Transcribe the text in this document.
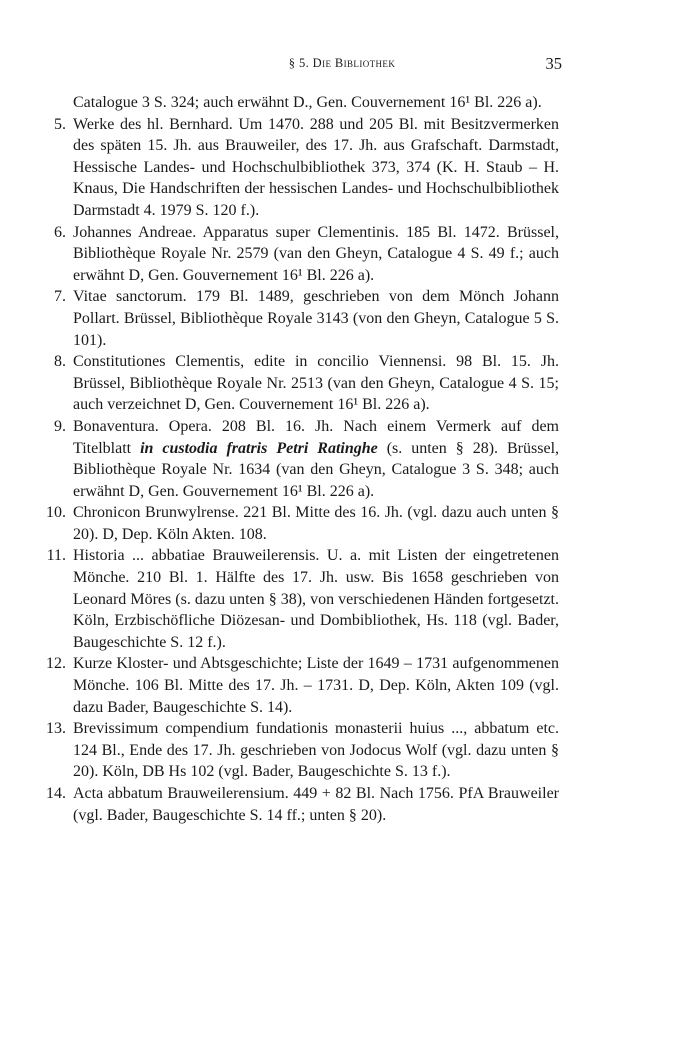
§ 5. Die Bibliothek	35
Catalogue 3 S. 324; auch erwähnt D., Gen. Couvernement 16¹ Bl. 226 a).
5. Werke des hl. Bernhard. Um 1470. 288 und 205 Bl. mit Besitzvermerken des späten 15. Jh. aus Brauweiler, des 17. Jh. aus Grafschaft. Darmstadt, Hessische Landes- und Hochschulbibliothek 373, 374 (K. H. Staub – H. Knaus, Die Handschriften der hessischen Landes- und Hochschulbibliothek Darmstadt 4. 1979 S. 120 f.).
6. Johannes Andreae. Apparatus super Clementinis. 185 Bl. 1472. Brüssel, Bibliothèque Royale Nr. 2579 (van den Gheyn, Catalogue 4 S. 49 f.; auch erwähnt D, Gen. Gouvernement 16¹ Bl. 226 a).
7. Vitae sanctorum. 179 Bl. 1489, geschrieben von dem Mönch Johann Pollart. Brüssel, Bibliothèque Royale 3143 (von den Gheyn, Catalogue 5 S. 101).
8. Constitutiones Clementis, edite in concilio Viennensi. 98 Bl. 15. Jh. Brüssel, Bibliothèque Royale Nr. 2513 (van den Gheyn, Catalogue 4 S. 15; auch verzeichnet D, Gen. Couvernement 16¹ Bl. 226 a).
9. Bonaventura. Opera. 208 Bl. 16. Jh. Nach einem Vermerk auf dem Titelblatt in custodia fratris Petri Ratinghe (s. unten § 28). Brüssel, Bibliothèque Royale Nr. 1634 (van den Gheyn, Catalogue 3 S. 348; auch erwähnt D, Gen. Gouvernement 16¹ Bl. 226 a).
10. Chronicon Brunwylrense. 221 Bl. Mitte des 16. Jh. (vgl. dazu auch unten § 20). D, Dep. Köln Akten. 108.
11. Historia ... abbatiae Brauweilerensis. U. a. mit Listen der eingetretenen Mönche. 210 Bl. 1. Hälfte des 17. Jh. usw. Bis 1658 geschrieben von Leonard Möres (s. dazu unten § 38), von verschiedenen Händen fortgesetzt. Köln, Erzbischöfliche Diözesan- und Dombibliothek, Hs. 118 (vgl. Bader, Baugeschichte S. 12 f.).
12. Kurze Kloster- und Abtsgeschichte; Liste der 1649 – 1731 aufgenommenen Mönche. 106 Bl. Mitte des 17. Jh. – 1731. D, Dep. Köln, Akten 109 (vgl. dazu Bader, Baugeschichte S. 14).
13. Brevissimum compendium fundationis monasterii huius ..., abbatum etc. 124 Bl., Ende des 17. Jh. geschrieben von Jodocus Wolf (vgl. dazu unten § 20). Köln, DB Hs 102 (vgl. Bader, Baugeschichte S. 13 f.).
14. Acta abbatum Brauweilerensium. 449 + 82 Bl. Nach 1756. PfA Brauweiler (vgl. Bader, Baugeschichte S. 14 ff.; unten § 20).
